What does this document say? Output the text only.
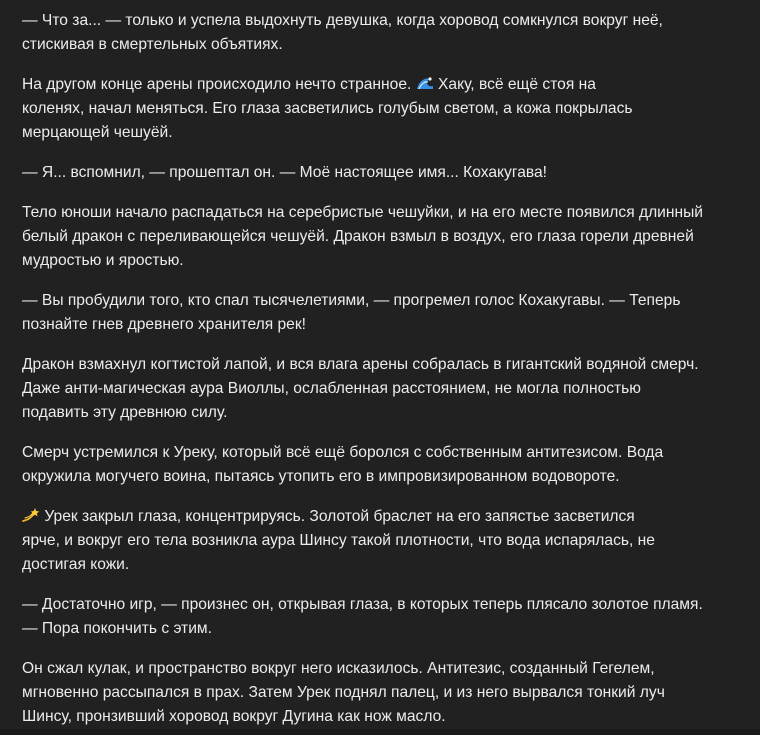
— Что за... — только и успела выдохнуть девушка, когда хоровод сомкнулся вокруг неё,
стискивая в смертельных объятиях.

На другом конце арены происходило нечто странное.  Хаку, всё ещё стоя на
коленях, начал меняться. Его глаза засветились голубым светом, а кожа покрылась
мерцающей чешуёй.

— Я... вспомнил, — прошептал он. — Моё настоящее имя... Кохакугава!

Тело юноши начало распадаться на серебристые чешуйки, и на его месте появился длинный
белый дракон с переливающейся чешуёй. Дракон взмыл в воздух, его глаза горели древней
мудростью и яростью.

— Вы пробудили того, кто спал тысячелетиями, — прогремел голос Кохакугавы. — Теперь
познайте гнев древнего хранителя рек!

Дракон взмахнул когтистой лапой, и вся влага арены собралась в гигантский водяной смерч.
Даже анти-магическая аура Виоллы, ослабленная расстоянием, не могла полностью
подавить эту древнюю силу.

Смерч устремился к Уреку, который всё ещё боролся с собственным антитезисом. Вода
окружила могучего воина, пытаясь утопить его в импровизированном водовороте.

Урек закрыл глаза, концентрируясь. Золотой браслет на его запястье засветился
ярче, и вокруг его тела возникла аура Шинсу такой плотности, что вода испарялась, не
достигая кожи.

— Достаточно игр, — произнес он, открывая глаза, в которых теперь плясало золотое пламя.
— Пора покончить с этим.

Он сжал кулак, и пространство вокруг него исказилось. Антитезис, созданный Гегелем,
мгновенно рассыпался в прах. Затем Урек поднял палец, и из него вырвался тонкий луч
Шинсу, пронзивший хоровод вокруг Дугина как нож масло.
